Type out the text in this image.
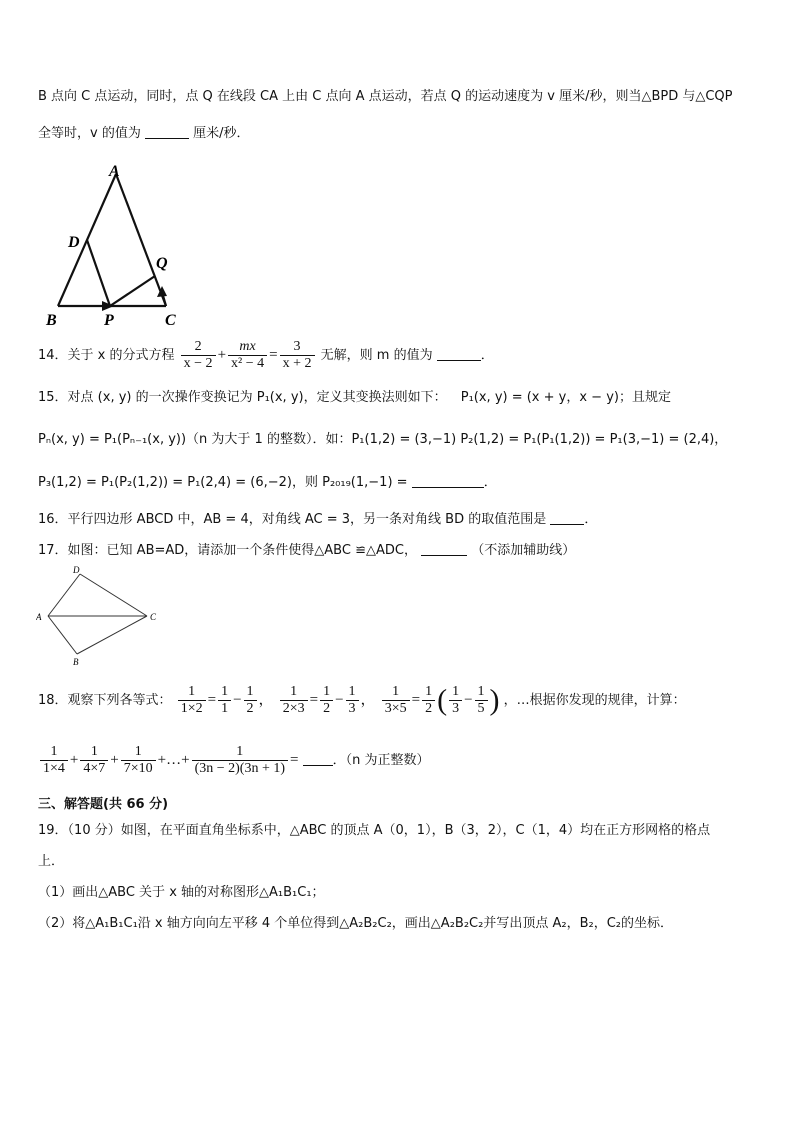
B 点向 C 点运动，同时，点 Q 在线段 CA 上由 C 点向 A 点运动，若点 Q 的运动速度为 v 厘米/秒，则当△BPD 与△CQP
全等时，v 的值为	厘米/秒．
A
D
Q
B	P	C
14．关于 x 的分式方程 $\frac{2}{x - 2} + \frac{mx}{\text{x² − 4}} = \frac{3}{x + 2}$ 无解，则 m 的值为	．
15．对点 (x, y) 的一次操作变换记为 P₁(x, y)，定义其变换法则如下： P₁(x, y) = (x + y，x − y)；且规定
Pₙ(x, y) = P₁(Pₙ₋₁(x, y))（n 为大于 1 的整数）．如：P₁(1,2) = (3,−1) P₂(1,2) = P₁(P₁(1,2)) = P₁(3,−1) = (2,4)，
P₃(1,2) = P₁(P₂(1,2)) = P₁(2,4) = (6,−2)，则 P₂₀₁₉(1,−1) =	．
16．平行四边形 ABCD 中，AB = 4，对角线 AC = 3，另一条对角线 BD 的取值范围是	．
17．如图：已知 AB=AD，请添加一个条件使得△ABC ≌△ADC，	（不添加辅助线）
D
A	C
B
18．观察下列各等式： $\frac{1}{1\times 2} = \frac{1}{1} - \frac{1}{2}$ ， $\frac{1}{2\times 3} = \frac{1}{2} - \frac{1}{3}$ ， $\frac{1}{3\times 5} = \frac{1}{2}$ ( $\frac{1}{3} - \frac{1}{5}$ ) ，…根据你发现的规律，计算：
$\frac{1}{1\times 4} + \frac{1}{4\times 7} + \frac{1}{7\times 10}$ +…+ $\frac{1}{(3n - 2)(3n + 1)}$ =	．（n 为正整数）
三、解答题(共 66 分)
19．（10 分）如图，在平面直角坐标系中，△ABC 的顶点 A（0，1），B（3，2），C（1，4）均在正方形网格的格点
上．
（1）画出△ABC 关于 x 轴的对称图形△A₁B₁C₁；
（2）将△A₁B₁C₁沿 x 轴方向向左平移 4 个单位得到△A₂B₂C₂，画出△A₂B₂C₂并写出顶点 A₂，B₂，C₂的坐标．
